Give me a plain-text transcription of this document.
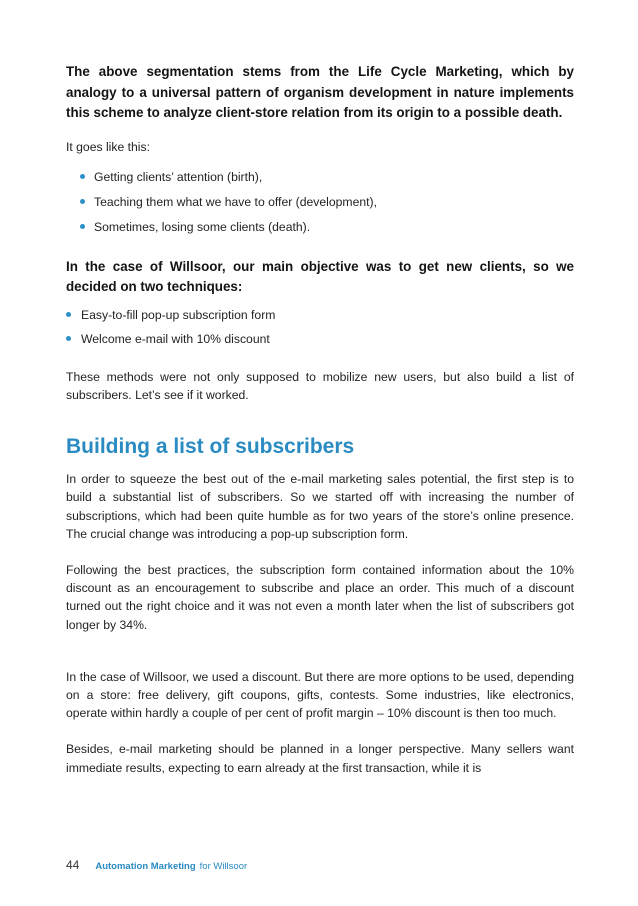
The above segmentation stems from the Life Cycle Marketing, which by analogy to a universal pattern of organism development in nature implements this scheme to analyze client-store relation from its origin to a possible death.

It goes like this:

Getting clients’ attention (birth),
Teaching them what we have to offer (development),
Sometimes, losing some clients (death).

In the case of Willsoor, our main objective was to get new clients, so we decided on two techniques:

Easy-to-fill pop-up subscription form
Welcome e-mail with 10% discount

These methods were not only supposed to mobilize new users, but also build a list of subscribers. Let’s see if it worked.

Building a list of subscribers

In order to squeeze the best out of the e-mail marketing sales potential, the first step is to build a substantial list of subscribers. So we started off with increasing the number of subscriptions, which had been quite humble as for two years of the store’s online presence. The crucial change was introducing a pop-up subscription form.

Following the best practices, the subscription form contained information about the 10% discount as an encouragement to subscribe and place an order. This much of a discount turned out the right choice and it was not even a month later when the list of subscribers got longer by 34%.

In the case of Willsoor, we used a discount. But there are more options to be used, depending on a store: free delivery, gift coupons, gifts, contests. Some industries, like electronics, operate within hardly a couple of per cent of profit margin – 10% discount is then too much.

Besides, e-mail marketing should be planned in a longer perspective. Many sellers want immediate results, expecting to earn already at the first transaction, while it is

44 Automation Marketing for Willsoor
